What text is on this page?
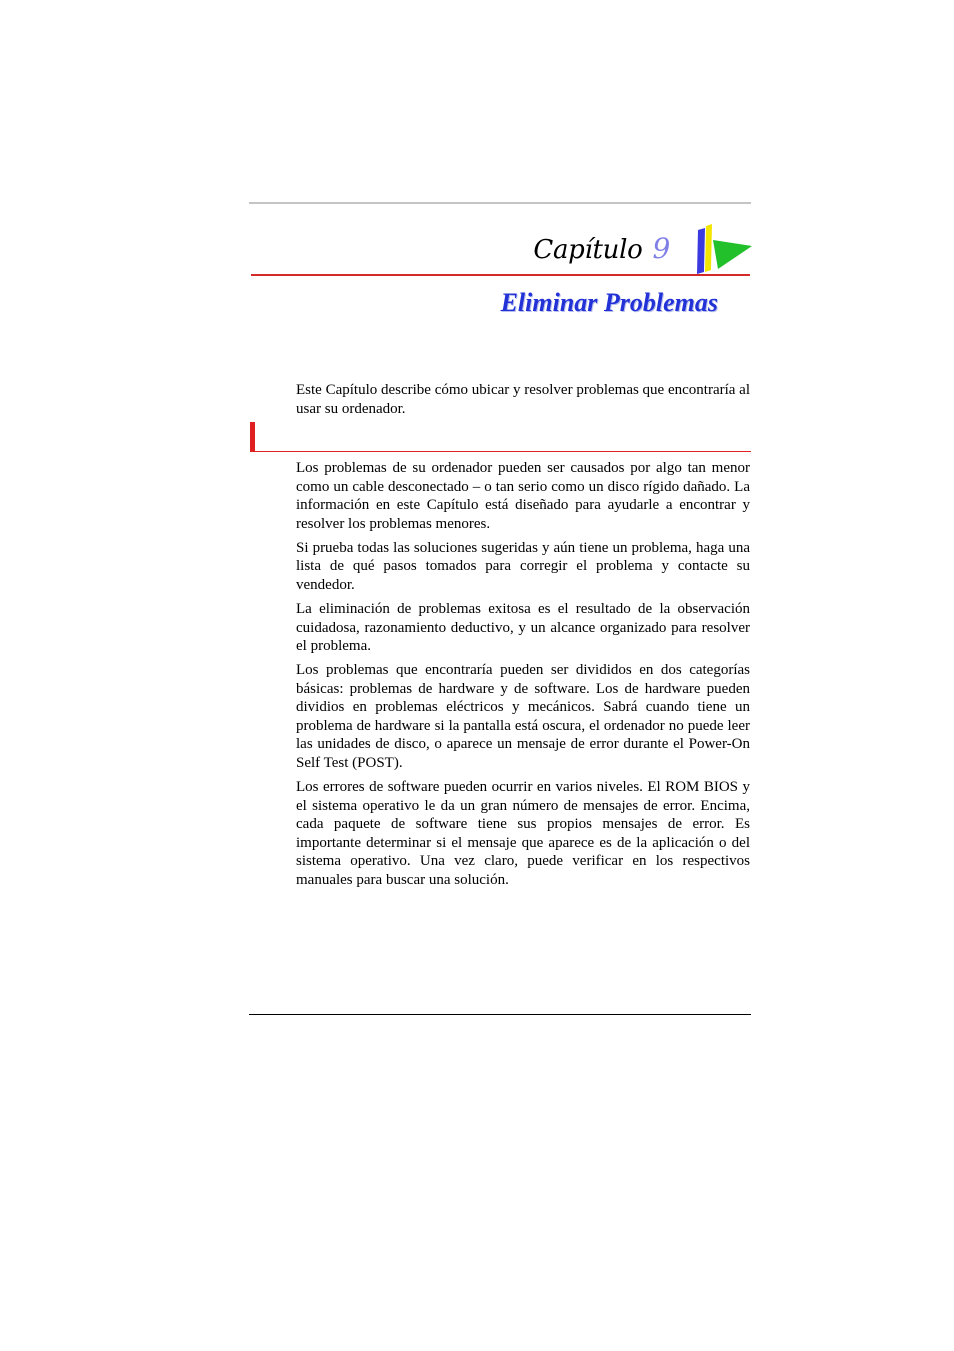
Capítulo 9
Eliminar Problemas

Este Capítulo describe cómo ubicar y resolver problemas que encontraría al usar su ordenador.

Los problemas de su ordenador pueden ser causados por algo tan menor como un cable desconectado – o tan serio como un disco rígido dañado. La información en este Capítulo está diseñado para ayudarle a encontrar y resolver los problemas menores.

Si prueba todas las soluciones sugeridas y aún tiene un problema, haga una lista de qué pasos tomados para corregir el problema y contacte su vendedor.

La eliminación de problemas exitosa es el resultado de la observación cuidadosa, razonamiento deductivo, y un alcance organizado para resolver el problema.

Los problemas que encontraría pueden ser divididos en dos categorías básicas: problemas de hardware y de software. Los de hardware pueden dividios en problemas eléctricos y mecánicos. Sabrá cuando tiene un problema de hardware si la pantalla está oscura, el ordenador no puede leer las unidades de disco, o aparece un mensaje de error durante el Power-On Self Test (POST).

Los errores de software pueden ocurrir en varios niveles. El ROM BIOS y el sistema operativo le da un gran número de mensajes de error. Encima, cada paquete de software tiene sus propios mensajes de error. Es importante determinar si el mensaje que aparece es de la aplicación o del sistema operativo. Una vez claro, puede verificar en los respectivos manuales para buscar una solución.
